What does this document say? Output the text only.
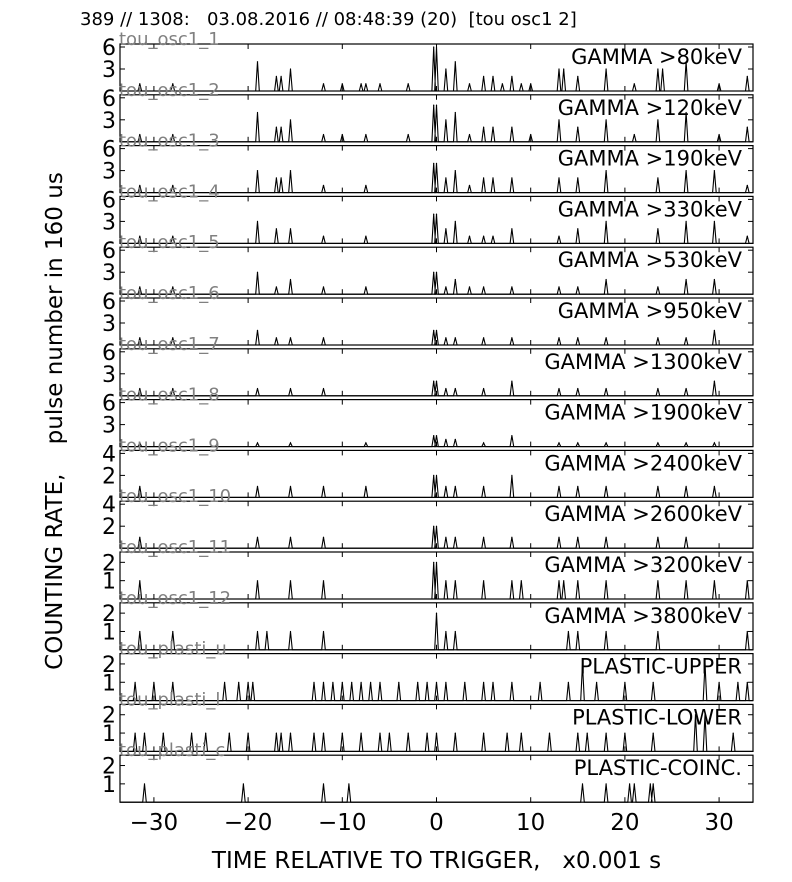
389 // 1308:   03.08.2016 // 08:48:39 (20)  [tou osc1 2]
COUNTING RATE,    pulse number in 160 us
3
6	GAMMA >80keV
tou_osc1_1
3
6	GAMMA >120keV
tou_osc1_2
3
6	GAMMA >190keV
tou_osc1_3
3
6	GAMMA >330keV
tou_osc1_4
3
6	GAMMA >530keV
tou_osc1_5
3
6	GAMMA >950keV
tou_osc1_6
3
6	GAMMA >1300keV
tou_osc1_7
3
6	GAMMA >1900keV
tou_osc1_8
2
4	GAMMA >2400keV
tou_osc1_9
2
4	GAMMA >2600keV
tou_osc1_10
1
2	GAMMA >3200keV
tou_osc1_11
1
2	GAMMA >3800keV
tou_osc1_12
1
2	PLASTIC-UPPER
tou_plasti_u
1
2	PLASTIC-LOWER
tou_plasti_l
1
2	PLASTIC-COINC.
tou_plasti_c
−30 −20 −10	0	10	20	30
TIME RELATIVE TO TRIGGER,   x0.001 s
